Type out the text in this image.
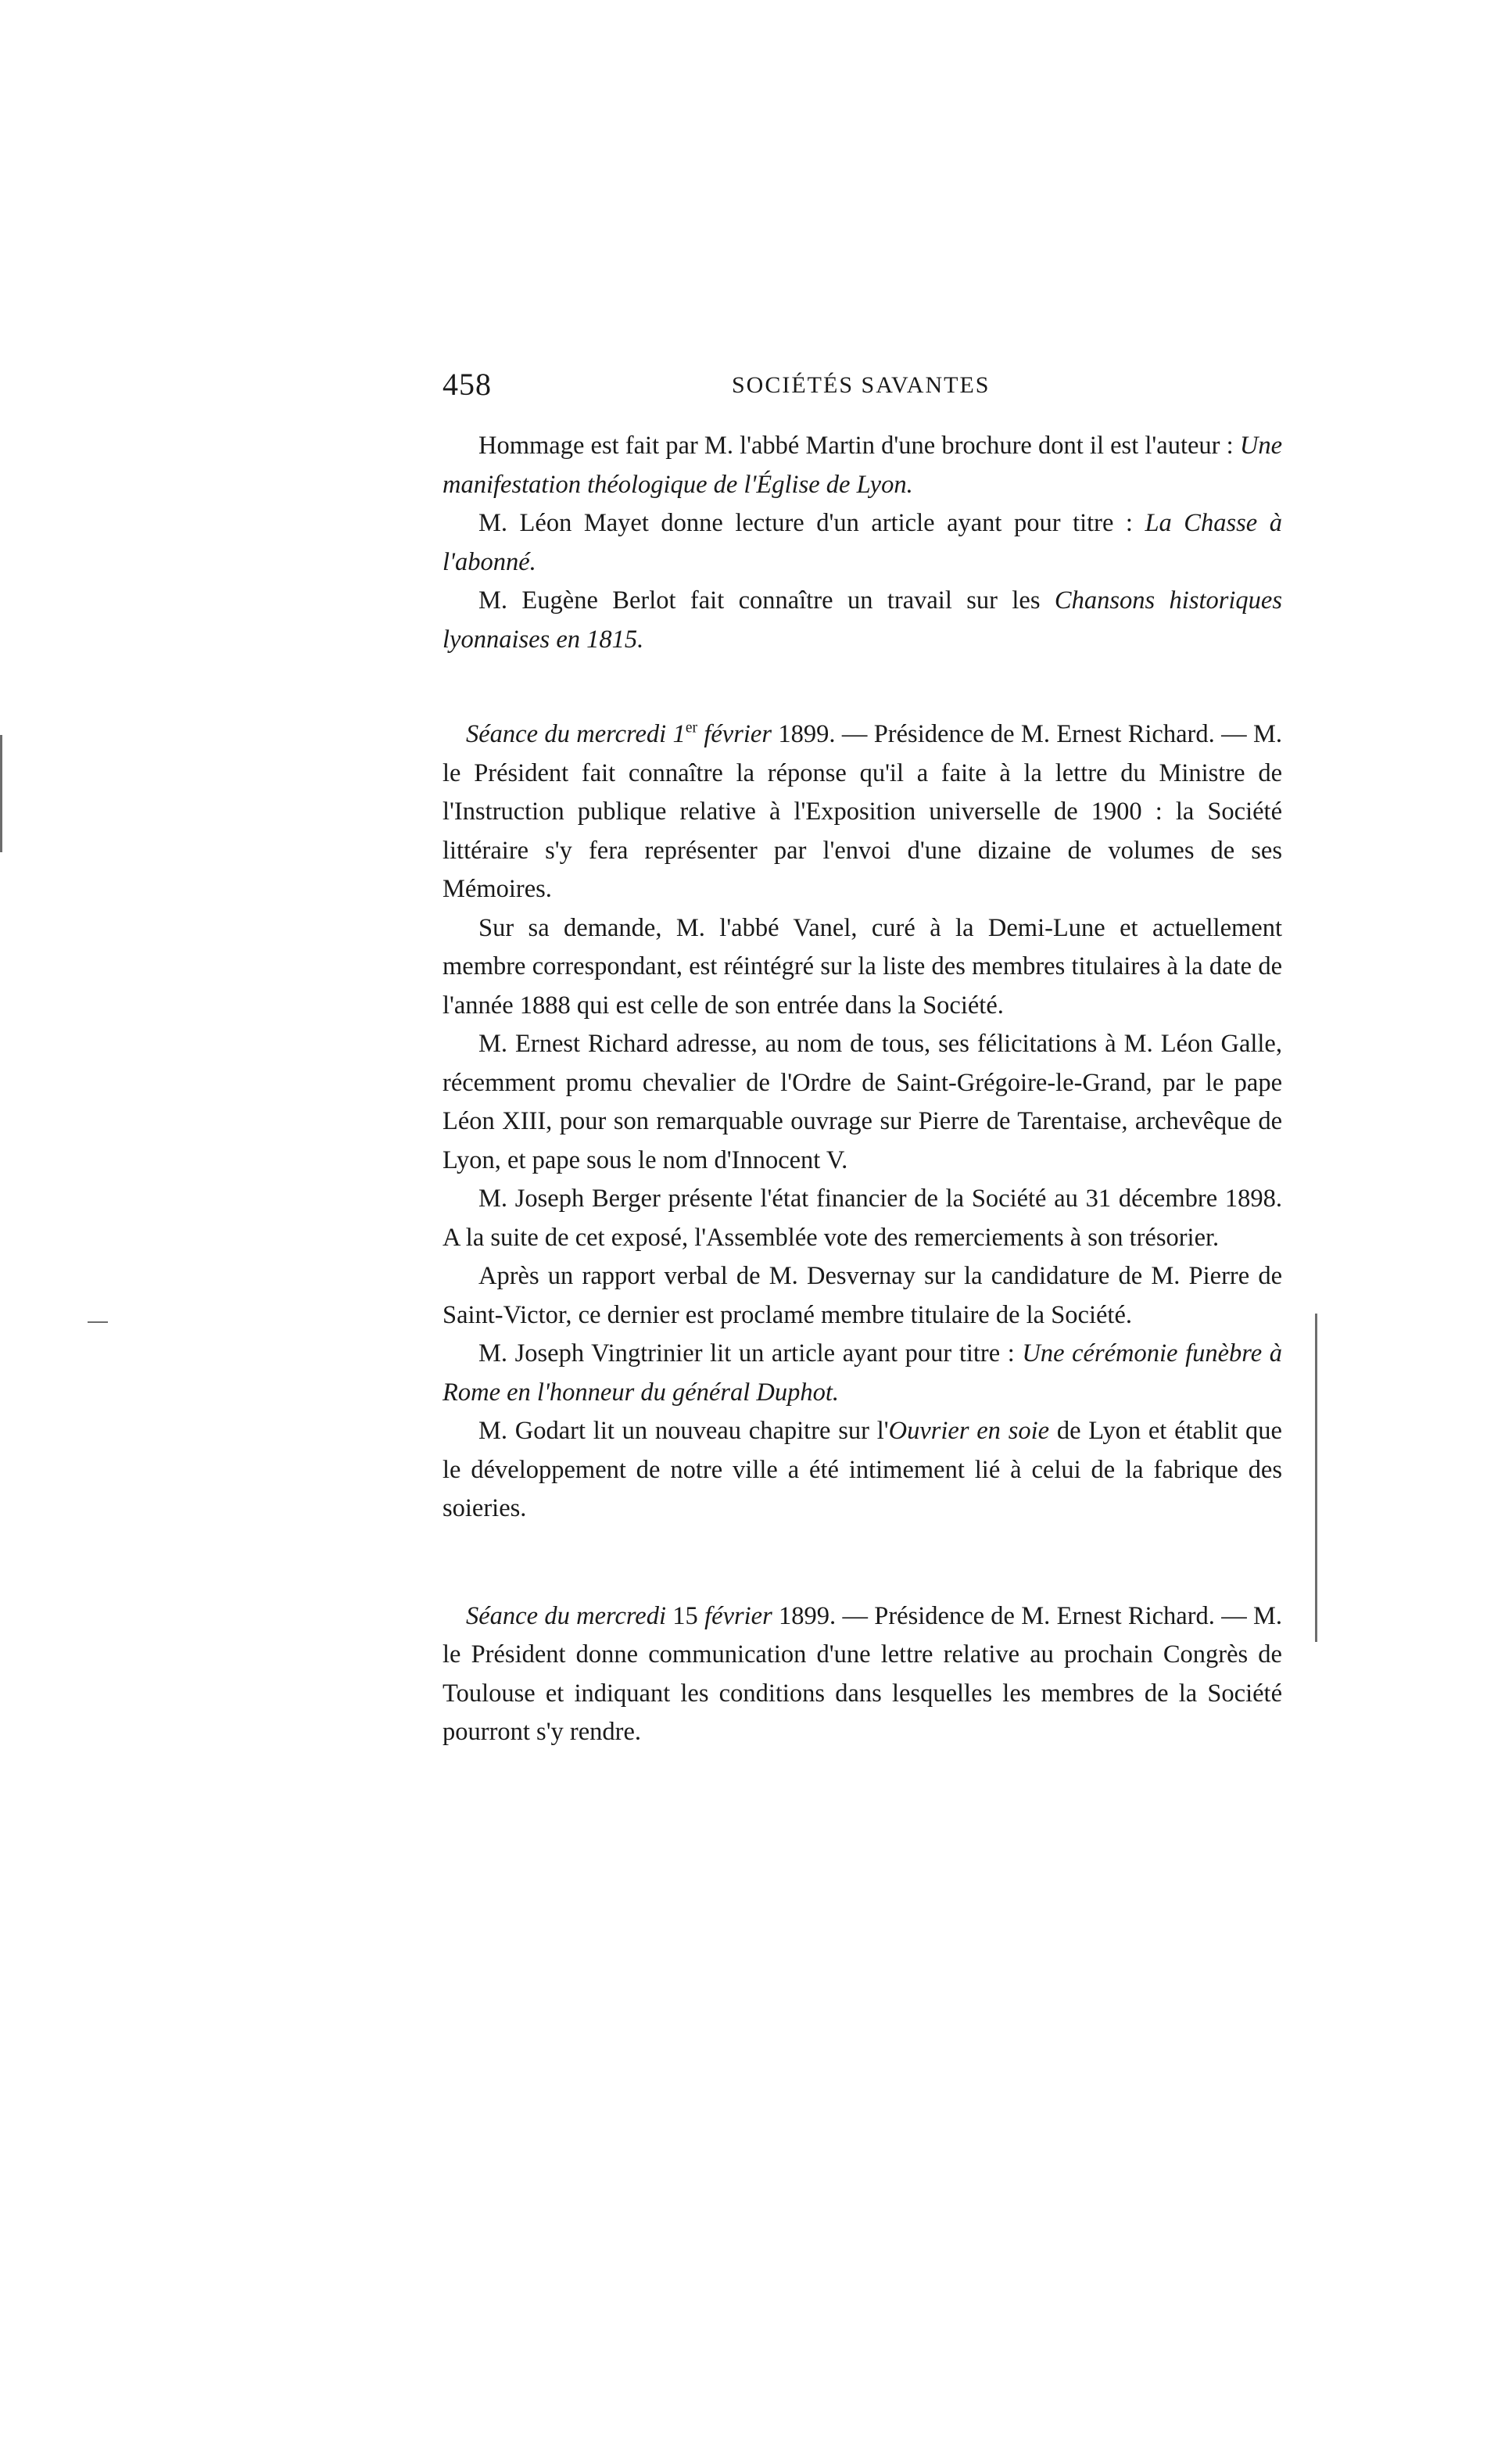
458	SOCIÉTÉS SAVANTES

Hommage est fait par M. l'abbé Martin d'une brochure dont il est l'auteur : Une manifestation théologique de l'Église de Lyon.

M. Léon Mayet donne lecture d'un article ayant pour titre : La Chasse à l'abonné.

M. Eugène Berlot fait connaître un travail sur les Chansons historiques lyonnaises en 1815.

Séance du mercredi 1er février 1899. — Présidence de M. Ernest Richard. — M. le Président fait connaître la réponse qu'il a faite à la lettre du Ministre de l'Instruction publique relative à l'Exposition universelle de 1900 : la Société littéraire s'y fera représenter par l'envoi d'une dizaine de volumes de ses Mémoires.

Sur sa demande, M. l'abbé Vanel, curé à la Demi-Lune et actuellement membre correspondant, est réintégré sur la liste des membres titulaires à la date de l'année 1888 qui est celle de son entrée dans la Société.

M. Ernest Richard adresse, au nom de tous, ses félicitations à M. Léon Galle, récemment promu chevalier de l'Ordre de Saint-Grégoire-le-Grand, par le pape Léon XIII, pour son remarquable ouvrage sur Pierre de Tarentaise, archevêque de Lyon, et pape sous le nom d'Innocent V.

M. Joseph Berger présente l'état financier de la Société au 31 décembre 1898. A la suite de cet exposé, l'Assemblée vote des remerciements à son trésorier.

Après un rapport verbal de M. Desvernay sur la candidature de M. Pierre de Saint-Victor, ce dernier est proclamé membre titulaire de la Société.

M. Joseph Vingtrinier lit un article ayant pour titre : Une cérémonie funèbre à Rome en l'honneur du général Duphot.

M. Godart lit un nouveau chapitre sur l'Ouvrier en soie de Lyon et établit que le développement de notre ville a été intimement lié à celui de la fabrique des soieries.

Séance du mercredi 15 février 1899. — Présidence de M. Ernest Richard. — M. le Président donne communication d'une lettre relative au prochain Congrès de Toulouse et indiquant les conditions dans lesquelles les membres de la Société pourront s'y rendre.
